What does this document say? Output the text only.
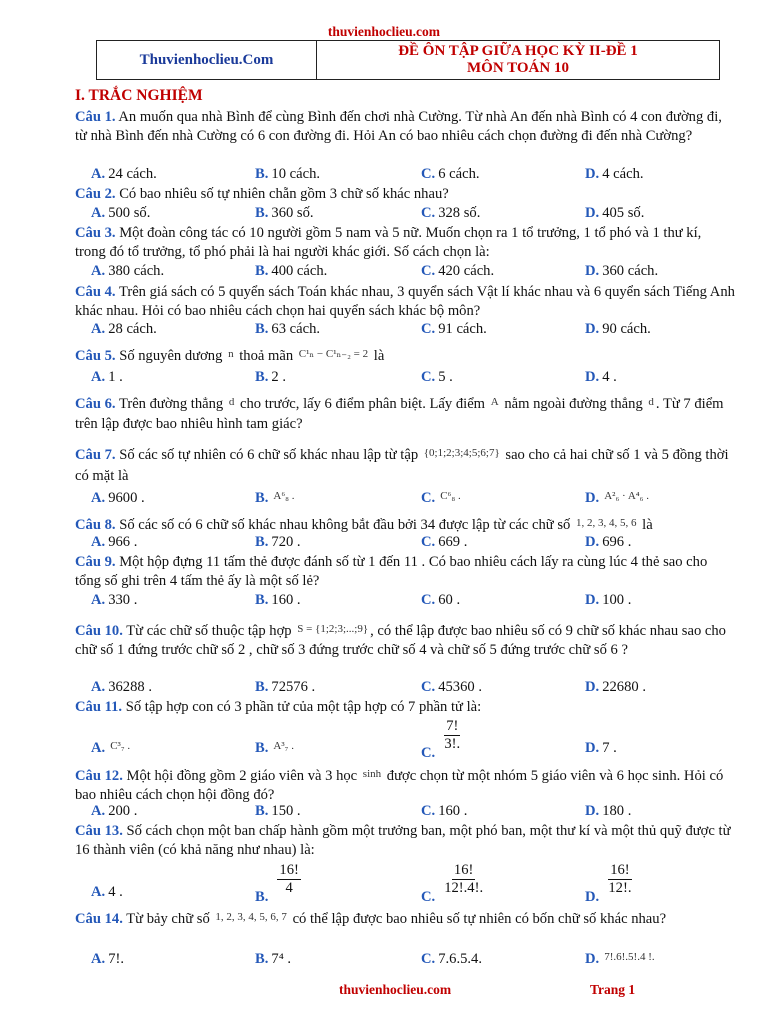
thuvienhoclieu.com
Thuvienhoclieu.Com
ĐỀ ÔN TẬP GIỮA HỌC KỲ II-ĐỀ 1
MÔN TOÁN 10
I. TRẮC NGHIỆM
Câu 1. An muốn qua nhà Bình để cùng Bình đến chơi nhà Cường. Từ nhà An đến nhà Bình có 4 con đường đi, từ nhà Bình đến nhà Cường có 6 con đường đi. Hỏi An có bao nhiêu cách chọn đường đi đến nhà Cường?
A. 24 cách.	B. 10 cách.	C. 6 cách.	D. 4 cách.
Câu 2. Có bao nhiêu số tự nhiên chẵn gồm 3 chữ số khác nhau?
A. 500 số.	B. 360 số.	C. 328 số.	D. 405 số.
Câu 3. Một đoàn công tác có 10 người gồm 5 nam và 5 nữ. Muốn chọn ra 1 tổ trưởng, 1 tổ phó và 1 thư kí, trong đó tổ trưởng, tổ phó phải là hai người khác giới. Số cách chọn là:
A. 380 cách.	B. 400 cách.	C. 420 cách.	D. 360 cách.
Câu 4. Trên giá sách có 5 quyển sách Toán khác nhau, 3 quyển sách Vật lí khác nhau và 6 quyển sách Tiếng Anh khác nhau. Hỏi có bao nhiêu cách chọn hai quyển sách khác bộ môn?
A. 28 cách.	B. 63 cách.	C. 91 cách.	D. 90 cách.
Câu 5. Số nguyên dương $^n$ thoả mãn $^{C^1_n - C^1_{n-2} = 2}$ là
A. 1 .	B. 2 .	C. 5 .	D. 4 .
Câu 6. Trên đường thẳng $^d$ cho trước, lấy 6 điểm phân biệt. Lấy điểm $^A$ nằm ngoài đường thẳng $^d$ . Từ 7 điểm trên lập được bao nhiêu hình tam giác?
Câu 7. Số các số tự nhiên có 6 chữ số khác nhau lập từ tập $^{\{0;1;2;3;4;5;6;7\}}$ sao cho cả hai chữ số 1 và 5 đồng thời có mặt là
A. 9600 .	B. $^{A^6_8 .}$	C. $^{C^6_8 .}$	D. $^{A^2_6 \cdot A^4_6 .}$
Câu 8. Số các số có 6 chữ số khác nhau không bắt đầu bởi 34 được lập từ các chữ số $^{1, 2, 3, 4, 5, 6}$ là
A. 966 .	B. 720 .	C. 669 .	D. 696 .
Câu 9. Một hộp đựng 11 tấm thẻ được đánh số từ 1 đến 11 . Có bao nhiêu cách lấy ra cùng lúc 4 thẻ sao cho tổng số ghi trên 4 tấm thẻ ấy là một số lẻ?
A. 330 .	B. 160 .	C. 60 .	D. 100 .
Câu 10. Từ các chữ số thuộc tập hợp $^{S = \{1;2;3;...;9\}}$ , có thể lập được bao nhiêu số có 9 chữ số khác nhau sao cho chữ số 1 đứng trước chữ số 2 , chữ số 3 đứng trước chữ số 4 và chữ số 5 đứng trước chữ số 6 ?
A. 36288 .	B. 72576 .	C. 45360 .	D. 22680 .
Câu 11. Số tập hợp con có 3 phần tử của một tập hợp có 7 phần tử là:
A. $^{C^3_7 .}$	B. $^{A^3_7 .}$	C. $\frac{7!}{3!.}$	D. 7 .
Câu 12. Một hội đồng gồm 2 giáo viên và 3 học $^{sinh}$ được chọn từ một nhóm 5 giáo viên và 6 học sinh. Hỏi có bao nhiêu cách chọn hội đồng đó?
A. 200 .	B. 150 .	C. 160 .	D. 180 .
Câu 13. Số cách chọn một ban chấp hành gồm một trưởng ban, một phó ban, một thư kí và một thủ quỹ được từ 16 thành viên (có khả năng như nhau) là:
A. 4 .	B. $\frac{16!}{4}$	C. $\frac{16!}{12!.4!.}$	D. $\frac{16!}{12!.}$
Câu 14. Từ bảy chữ số $^{1, 2, 3, 4, 5, 6, 7}$ có thể lập được bao nhiêu số tự nhiên có bốn chữ số khác nhau?
A. 7!.	B. 7⁴ .	C. 7.6.5.4.	D. $^{7!.6!.5!.4 !.}$
thuvienhoclieu.com	Trang 1
